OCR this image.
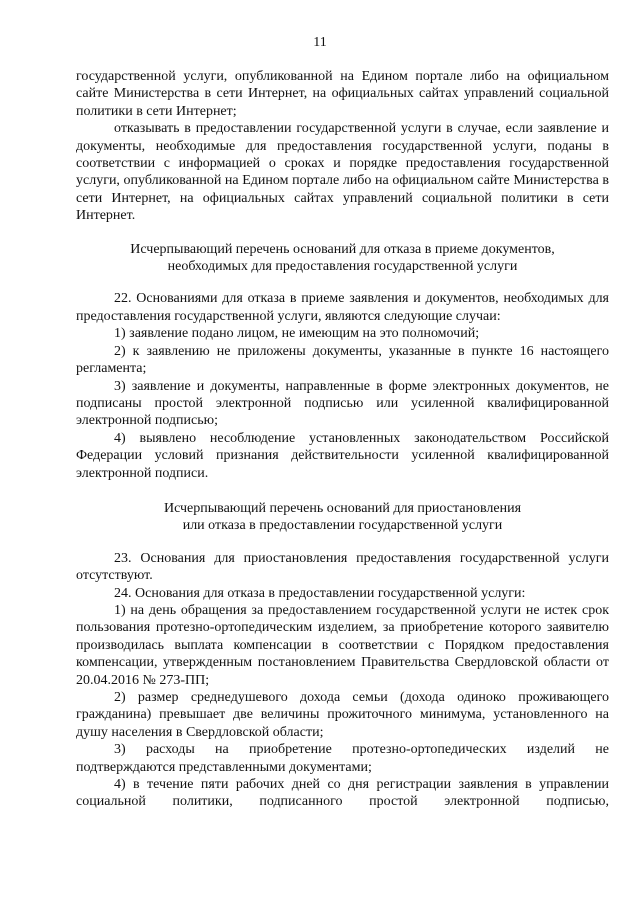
11

государственной услуги, опубликованной на Едином портале либо на официальном сайте Министерства в сети Интернет, на официальных сайтах управлений социальной политики в сети Интернет;

отказывать в предоставлении государственной услуги в случае, если заявление и документы, необходимые для предоставления государственной услуги, поданы в соответствии с информацией о сроках и порядке предоставления государственной услуги, опубликованной на Едином портале либо на официальном сайте Министерства в сети Интернет, на официальных сайтах управлений социальной политики в сети Интернет.

Исчерпывающий перечень оснований для отказа в приеме документов,
необходимых для предоставления государственной услуги

22. Основаниями для отказа в приеме заявления и документов, необходимых для предоставления государственной услуги, являются следующие случаи:

1) заявление подано лицом, не имеющим на это полномочий;

2) к заявлению не приложены документы, указанные в пункте 16 настоящего регламента;

3) заявление и документы, направленные в форме электронных документов, не подписаны простой электронной подписью или усиленной квалифицированной электронной подписью;

4) выявлено несоблюдение установленных законодательством Российской Федерации условий признания действительности усиленной квалифицированной электронной подписи.

Исчерпывающий перечень оснований для приостановления
или отказа в предоставлении государственной услуги

23. Основания для приостановления предоставления государственной услуги отсутствуют.

24. Основания для отказа в предоставлении государственной услуги:

1) на день обращения за предоставлением государственной услуги не истек срок пользования протезно-ортопедическим изделием, за приобретение которого заявителю производилась выплата компенсации в соответствии с Порядком предоставления компенсации, утвержденным постановлением Правительства Свердловской области от 20.04.2016 № 273-ПП;

2) размер среднедушевого дохода семьи (дохода одиноко проживающего гражданина) превышает две величины прожиточного минимума, установленного на душу населения в Свердловской области;

3) расходы на приобретение протезно-ортопедических изделий не подтверждаются представленными документами;

4) в течение пяти рабочих дней со дня регистрации заявления в управлении социальной политики, подписанного простой электронной подписью,
